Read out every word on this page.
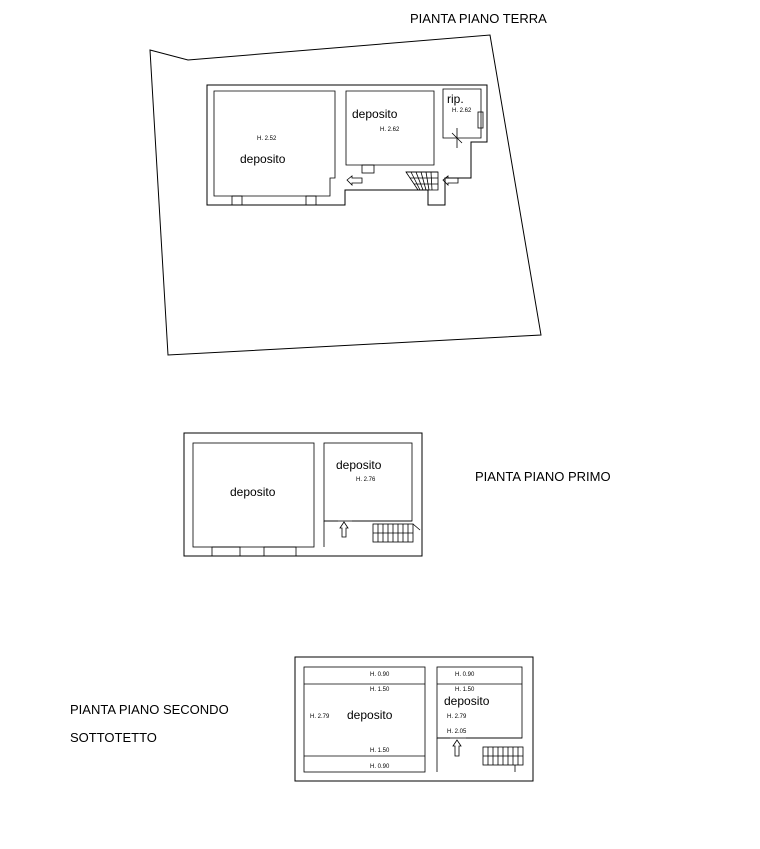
PIANTA PIANO TERRA
H. 2.52
deposito
deposito
H. 2.62
rip.
H. 2.62
deposito
deposito
H. 2.76	PIANTA PIANO PRIMO
PIANTA PIANO SECONDO
SOTTOTETTO
H. 0.90
H. 1.50
H. 2.79 deposito
H. 1.50
H. 0.90
H. 0.90
H. 1.50
deposito
H. 2.79
H. 2.05
